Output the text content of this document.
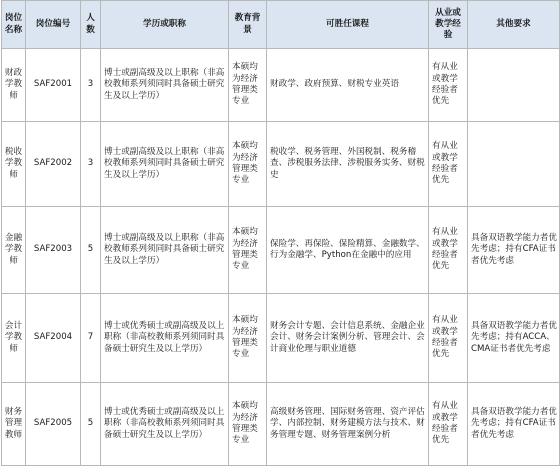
岗位名称	岗位编号	人数	学历或职称	教育背景	可胜任课程	从业或教学经验	其他要求
财政学教师	SAF2001	3	博士或副高级及以上职称（非高校教师系列须同时具备硕士研究生及以上学历）	本硕均为经济管理类专业	财政学、政府预算、财税专业英语	有从业或教学经验者优先	
税收学教师	SAF2002	3	博士或副高级及以上职称（非高校教师系列须同时具备硕士研究生及以上学历）	本硕均为经济管理类专业	税收学、税务管理、外国税制、税务稽查、涉税服务法律、涉税服务实务、财税史	有从业或教学经验者优先	
金融学教师	SAF2003	5	博士或副高级及以上职称（非高校教师系列须同时具备硕士研究生及以上学历）	本硕均为经济管理类专业	保险学、再保险、保险精算、金融数学、行为金融学、Python在金融中的应用	有从业或教学经验者优先	具备双语教学能力者优先考虑；持有CFA证书者优先考虑
会计学教师	SAF2004	7	博士或优秀硕士或副高级及以上职称（非高校教师系列须同时具备硕士研究生及以上学历）	本硕均为经济管理类专业	财务会计专题、会计信息系统、金融企业会计、财务会计案例分析、管理会计、会计商业伦理与职业道德	有从业或教学经验者优先	具备双语教学能力者优先考虑；持有ACCA、CMA证书者优先考虑
财务管理教师	SAF2005	5	博士或优秀硕士或副高级及以上职称（非高校教师系列须同时具备硕士研究生及以上学历）	本硕均为经济管理类专业	高级财务管理、国际财务管理、资产评估学、内部控制、财务建模方法与技术、财务管理专题、财务管理案例分析	有从业或教学经验者优先	具备双语教学能力者优先考虑；持有CFA证书者优先考虑
